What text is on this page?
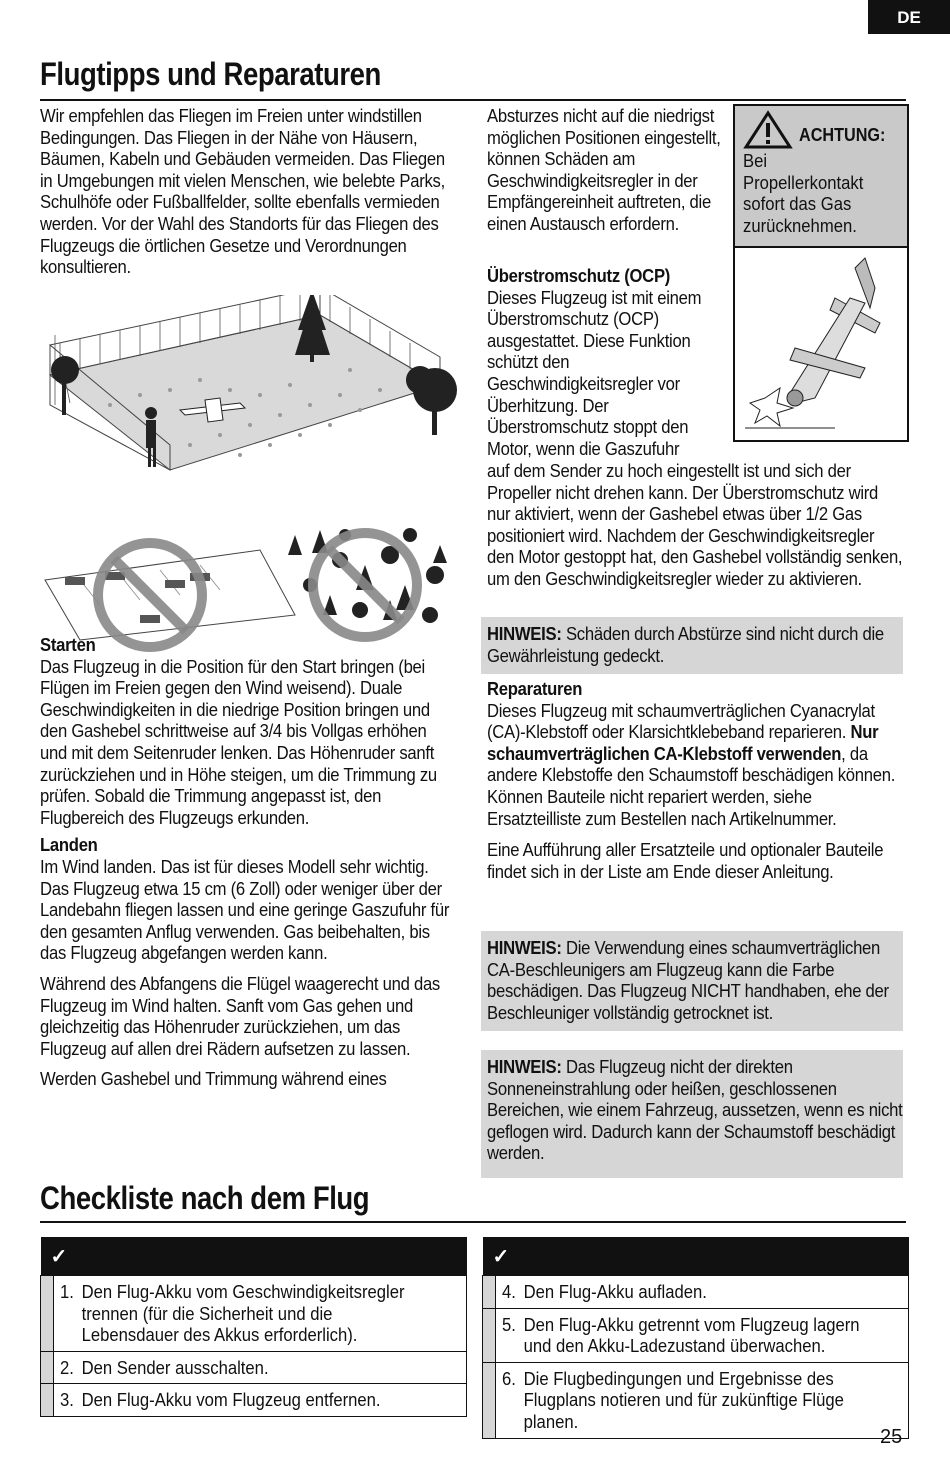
DE
Flugtipps und Reparaturen

Wir empfehlen das Fliegen im Freien unter windstillen Bedingungen. Das Fliegen in der Nähe von Häusern, Bäumen, Kabeln und Gebäuden vermeiden. Das Fliegen in Umgebungen mit vielen Menschen, wie belebte Parks, Schulhöfe oder Fußballfelder, sollte ebenfalls vermieden werden. Vor der Wahl des Standorts für das Fliegen des Flugzeugs die örtlichen Gesetze und Verordnungen konsultieren.

Starten

Das Flugzeug in die Position für den Start bringen (bei Flügen im Freien gegen den Wind weisend). Duale Geschwindigkeiten in die niedrige Position bringen und den Gashebel schrittweise auf 3/4 bis Vollgas erhöhen und mit dem Seitenruder lenken. Das Höhenruder sanft zurückziehen und in Höhe steigen, um die Trimmung zu prüfen. Sobald die Trimmung angepasst ist, den Flugbereich des Flugzeugs erkunden.

Landen

Im Wind landen. Das ist für dieses Modell sehr wichtig. Das Flugzeug etwa 15 cm (6 Zoll) oder weniger über der Landebahn fliegen lassen und eine geringe Gaszufuhr für den gesamten Anflug verwenden. Gas beibehalten, bis das Flugzeug abgefangen werden kann.

Während des Abfangens die Flügel waagerecht und das Flugzeug im Wind halten. Sanft vom Gas gehen und gleichzeitig das Höhenruder zurückziehen, um das Flugzeug auf allen drei Rädern aufsetzen zu lassen.

Werden Gashebel und Trimmung während eines

Absturzes nicht auf die niedrigst möglichen Positionen eingestellt, können Schäden am Geschwindigkeitsregler in der Empfängereinheit auftreten, die einen Austausch erfordern.

ACHTUNG:
Bei Propellerkontakt sofort das Gas zurücknehmen.

Überstromschutz (OCP)

Dieses Flugzeug ist mit einem Überstromschutz (OCP) ausgestattet. Diese Funktion schützt den Geschwindigkeitsregler vor Überhitzung. Der Überstromschutz stoppt den Motor, wenn die Gaszufuhr

auf dem Sender zu hoch eingestellt ist und sich der Propeller nicht drehen kann. Der Überstromschutz wird nur aktiviert, wenn der Gashebel etwas über 1/2 Gas positioniert wird. Nachdem der Geschwindigkeitsregler den Motor gestoppt hat, den Gashebel vollständig senken, um den Geschwindigkeitsregler wieder zu aktivieren.

HINWEIS: Schäden durch Abstürze sind nicht durch die Gewährleistung gedeckt.

Reparaturen

Dieses Flugzeug mit schaumverträglichen Cyanacrylat (CA)-Klebstoff oder Klarsichtklebeband reparieren. Nur schaumverträglichen CA-Klebstoff verwenden, da andere Klebstoffe den Schaumstoff beschädigen können. Können Bauteile nicht repariert werden, siehe Ersatzteilliste zum Bestellen nach Artikelnummer.

Eine Aufführung aller Ersatzteile und optionaler Bauteile findet sich in der Liste am Ende dieser Anleitung.

HINWEIS: Die Verwendung eines schaumverträglichen CA-Beschleunigers am Flugzeug kann die Farbe beschädigen. Das Flugzeug NICHT handhaben, ehe der Beschleuniger vollständig getrocknet ist.
HINWEIS: Das Flugzeug nicht der direkten Sonneneinstrahlung oder heißen, geschlossenen Bereichen, wie einem Fahrzeug, aussetzen, wenn es nicht geflogen wird. Dadurch kann der Schaumstoff beschädigt werden.
Checkliste nach dem Flug
✓	

	1. Den Flug-Akku vom Geschwindigkeitsregler trennen (für die Sicherheit und die Lebensdauer des Akkus erforderlich).

	2. Den Sender ausschalten.

	3. Den Flug-Akku vom Flugzeug entfernen.
✓	

	4. Den Flug-Akku aufladen.

	5. Den Flug-Akku getrennt vom Flugzeug lagern und den Akku-Ladezustand überwachen.

	6. Die Flugbedingungen und Ergebnisse des Flugplans notieren und für zukünftige Flüge planen.
25
